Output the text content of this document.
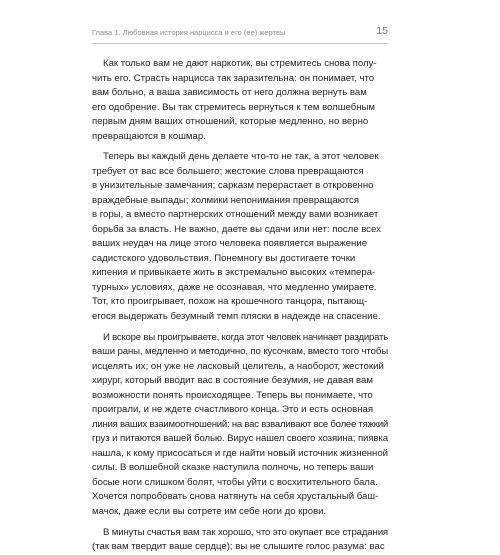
Глава 1. Любовная история нарцисса и его (ее) жертвы	15
Как только вам не дают наркотик, вы стремитесь снова полу-
чить его. Страсть нарцисса так заразительна: он понимает, что
вам больно, а ваша зависимость от него должна вернуть вам
его одобрение. Вы так стремитесь вернуться к тем волшебным
первым дням ваших отношений, которые медленно, но верно
превращаются в кошмар.
Теперь вы каждый день делаете что-то не так, а этот человек
требует от вас все большего; жестокие слова превращаются
в унизительные замечания; сарказм перерастает в откровенно
враждебные выпады; холмики непонимания превращаются
в горы, а вместо партнерских отношений между вами возникает
борьба за власть. Не важно, даете вы сдачи или нет: после всех
ваших неудач на лице этого человека появляется выражение
садистского удовольствия. Понемногу вы достигаете точки
кипения и привыкаете жить в экстремально высоких «темпера-
турных» условиях, даже не осознавая, что медленно умираете.
Тот, кто проигрывает, похож на крошечного танцора, пытающ-
егося выдержать безумный темп пляски в надежде на спасение.
И вскоре вы проигрываете, когда этот человек начинает раздирать
ваши раны, медленно и методично, по кусочкам, вместо того чтобы
исцелять их; он уже не ласковый целитель, а наоборот, жестокий
хирург, который вводит вас в состояние безумия, не давая вам
возможности понять происходящее. Теперь вы понимаете, что
проиграли, и не ждете счастливого конца. Это и есть основная
линия ваших взаимоотношений: на вас взваливают все более тяжкий
груз и питаются вашей болью. Вирус нашел своего хозяина; пиявка
нашла, к кому присосаться и где найти новый источник жизненной
силы. В волшебной сказке наступила полночь, но теперь ваши
босые ноги слишком болят, чтобы уйти с восхитительного бала.
Хочется попробовать снова натянуть на себя хрустальный баш-
мачок, даже если вы сотрете им себе ноги до крови.
В минуты счастья вам так хорошо, что это окупает все страдания
(так вам твердит ваше сердце); вы не слышите голос разума: вас
